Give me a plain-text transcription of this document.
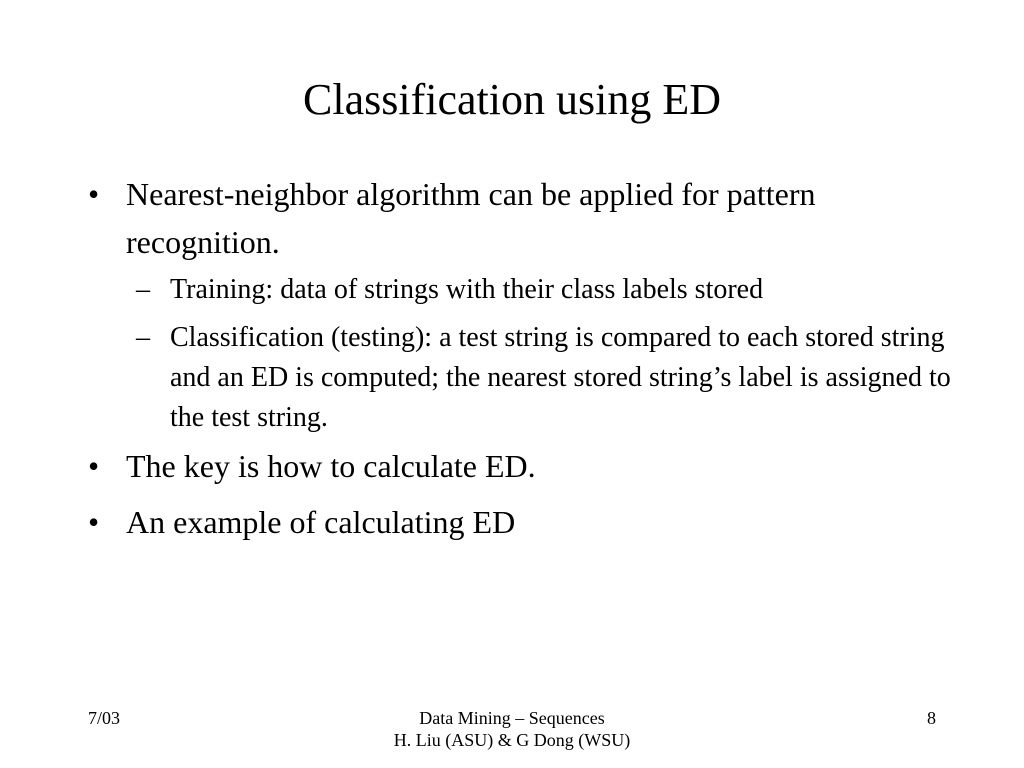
Classification using ED
• Nearest-neighbor algorithm can be applied for pattern recognition.
– Training: data of strings with their class labels stored
– Classification (testing): a test string is compared to each stored string and an ED is computed; the nearest stored string’s label is assigned to the test string.
• The key is how to calculate ED.
• An example of calculating ED
7/03	Data Mining – Sequences
H. Liu (ASU) & G Dong (WSU)
8
